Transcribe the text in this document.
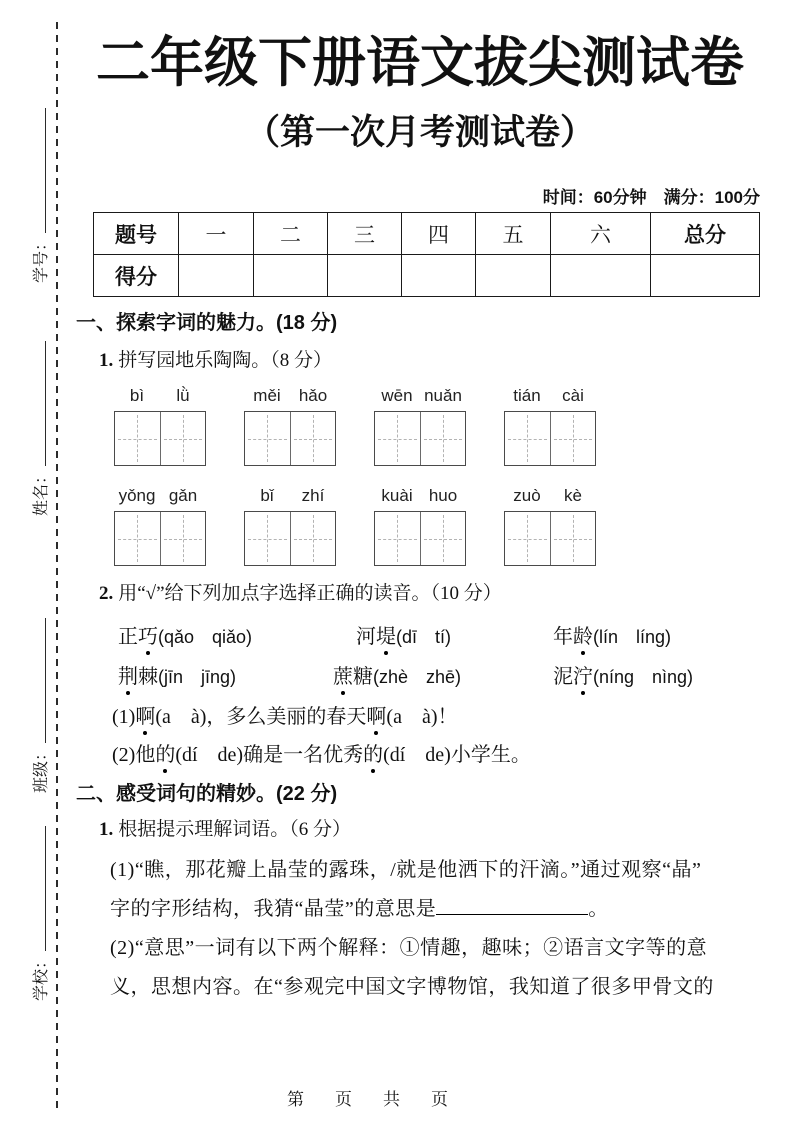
学号：
姓名：
班级：
学校：
二年级下册语文拔尖测试卷
（第一次月考测试卷）
时间：60分钟　满分：100分
题号	一	二	三	四	五	六	总分
得分							
一、探索字词的魅力。(18 分)
1. 拼写园地乐陶陶。（8 分）
bì	lǜ	měi	hǎo	wēn nuǎn	tián	cài
yǒng gǎn	bǐ	zhí	kuài huo	zuò	kè
2. 用“√”给下列加点字选择正确的读音。（10 分）
正巧(qǎo　qiǎo)	河堤(dī　tí)	年龄(lín　líng)
荆棘(jīn　jīng)	蔗糖(zhè　zhē)	泥泞(níng　nìng)
(1)啊(a　à)，多么美丽的春天啊(a　à)！
(2)他的(dí　de)确是一名优秀的(dí　de)小学生。
二、感受词句的精妙。(22 分)
1. 根据提示理解词语。（6 分）
(1)“瞧，那花瓣上晶莹的露珠，/就是他洒下的汗滴。”通过观察“晶”
字的字形结构，我猜“晶莹”的意思是	。
(2)“意思”一词有以下两个解释：①情趣，趣味；②语言文字等的意
义，思想内容。在“参观完中国文字博物馆，我知道了很多甲骨文的
第　页　共　页
